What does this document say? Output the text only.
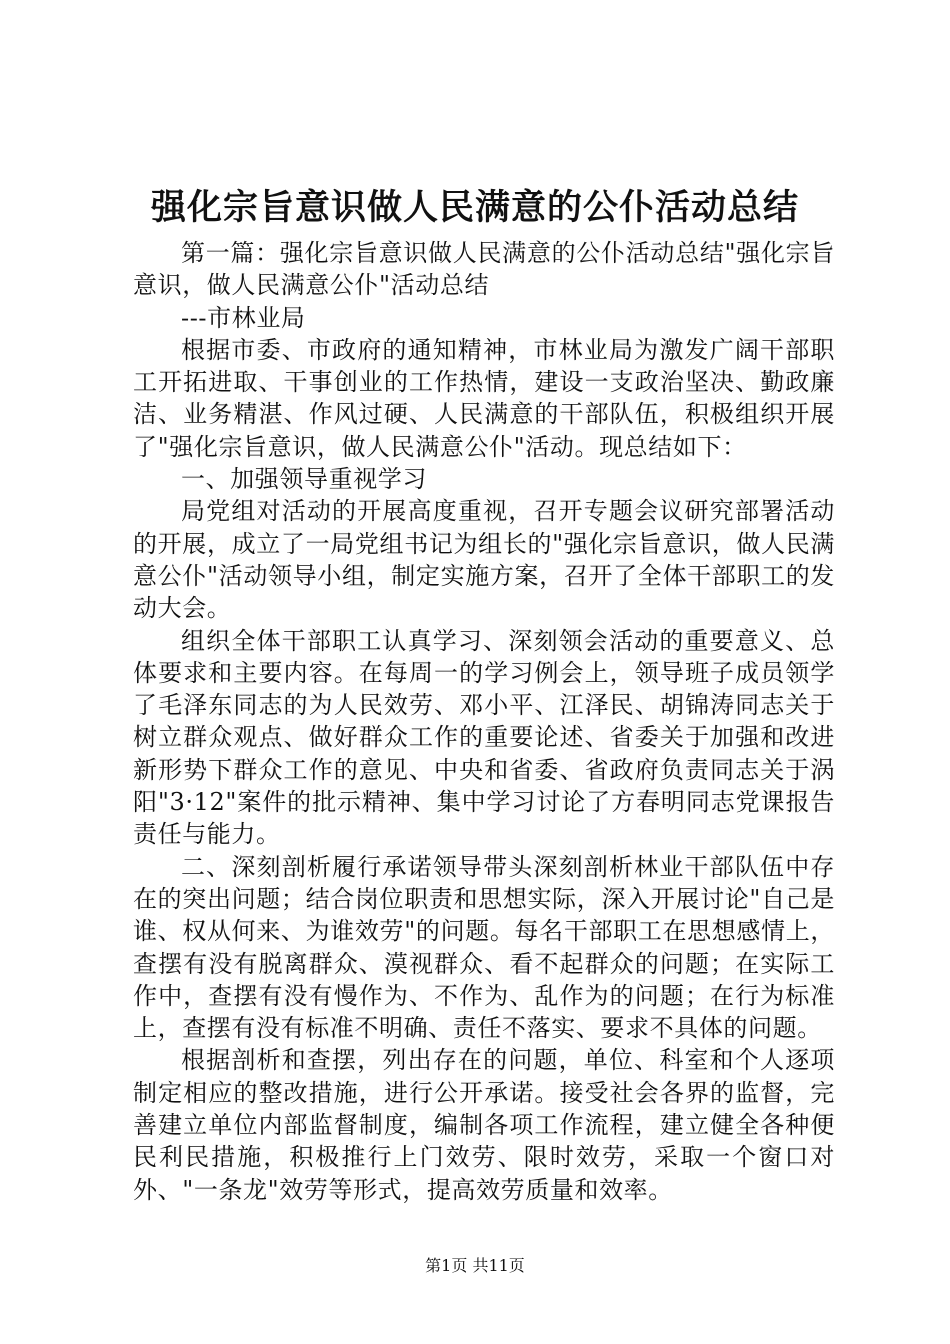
强化宗旨意识做人民满意的公仆活动总结

第一篇：强化宗旨意识做人民满意的公仆活动总结"强化宗旨意识，做人民满意公仆"活动总结

---市林业局

根据市委、市政府的通知精神，市林业局为激发广阔干部职工开拓进取、干事创业的工作热情，建设一支政治坚决、勤政廉洁、业务精湛、作风过硬、人民满意的干部队伍，积极组织开展了"强化宗旨意识，做人民满意公仆"活动。现总结如下：

一、加强领导重视学习

局党组对活动的开展高度重视，召开专题会议研究部署活动的开展，成立了一局党组书记为组长的"强化宗旨意识，做人民满意公仆"活动领导小组，制定实施方案，召开了全体干部职工的发动大会。

组织全体干部职工认真学习、深刻领会活动的重要意义、总体要求和主要内容。在每周一的学习例会上，领导班子成员领学了毛泽东同志的为人民效劳、邓小平、江泽民、胡锦涛同志关于树立群众观点、做好群众工作的重要论述、省委关于加强和改进新形势下群众工作的意见、中央和省委、省政府负责同志关于涡阳"3·12"案件的批示精神、集中学习讨论了方春明同志党课报告责任与能力。

二、深刻剖析履行承诺领导带头深刻剖析林业干部队伍中存在的突出问题；结合岗位职责和思想实际，深入开展讨论"自己是谁、权从何来、为谁效劳"的问题。每名干部职工在思想感情上，查摆有没有脱离群众、漠视群众、看不起群众的问题；在实际工作中，查摆有没有慢作为、不作为、乱作为的问题；在行为标准上，查摆有没有标准不明确、责任不落实、要求不具体的问题。

根据剖析和查摆，列出存在的问题，单位、科室和个人逐项制定相应的整改措施，进行公开承诺。接受社会各界的监督，完善建立单位内部监督制度，编制各项工作流程，建立健全各种便民利民措施，积极推行上门效劳、限时效劳，采取一个窗口对外、"一条龙"效劳等形式，提高效劳质量和效率。

第1页 共11页
